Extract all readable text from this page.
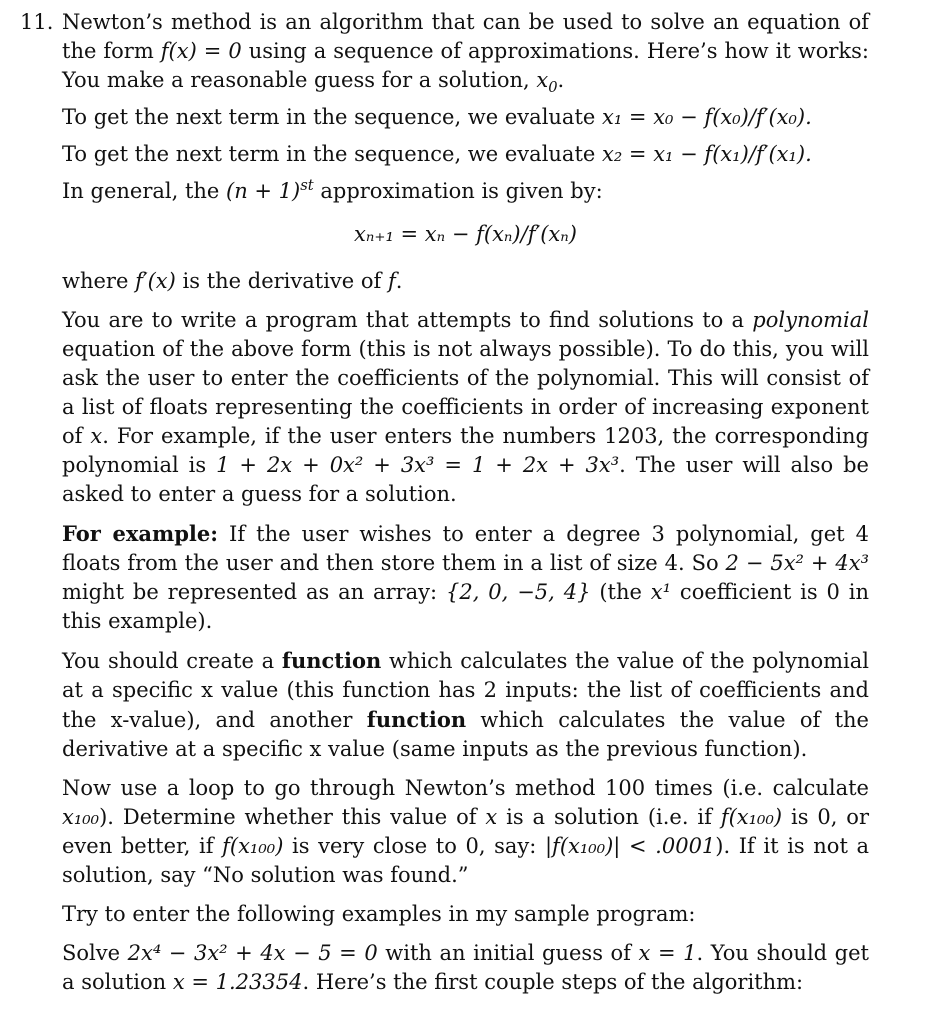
11. Newton’s method is an algorithm that can be used to solve an equation of the form f(x) = 0 using a sequence of approximations. Here’s how it works: You make a reasonable guess for a solution, $x_0$.

To get the next term in the sequence, we evaluate x₁ = x₀ − f(x₀)/f′(x₀).

To get the next term in the sequence, we evaluate x₂ = x₁ − f(x₁)/f′(x₁).

In general, the $(n + 1)^{st}$ approximation is given by:

xₙ₊₁ = xₙ − f(xₙ)/f′(xₙ)

where f′(x) is the derivative of f.

You are to write a program that attempts to find solutions to a polynomial equation of the above form (this is not always possible). To do this, you will ask the user to enter the coefficients of the polynomial. This will consist of a list of floats representing the coefficients in order of increasing exponent of x. For example, if the user enters the numbers 1203, the corresponding polynomial is 1 + 2x + 0x² + 3x³ = 1 + 2x + 3x³. The user will also be asked to enter a guess for a solution.

For example: If the user wishes to enter a degree 3 polynomial, get 4 floats from the user and then store them in a list of size 4. So 2 − 5x² + 4x³ might be represented as an array: {2, 0, −5, 4} (the x¹ coefficient is 0 in this example).

You should create a function which calculates the value of the polynomial at a specific x value (this function has 2 inputs: the list of coefficients and the x-value), and another function which calculates the value of the derivative at a specific x value (same inputs as the previous function).

Now use a loop to go through Newton’s method 100 times (i.e. calculate x₁₀₀). Determine whether this value of x is a solution (i.e. if f(x₁₀₀) is 0, or even better, if f(x₁₀₀) is very close to 0, say: |f(x₁₀₀)| < .0001). If it is not a solution, say “No solution was found.”

Try to enter the following examples in my sample program:

Solve 2x⁴ − 3x² + 4x − 5 = 0 with an initial guess of x = 1. You should get a solution x = 1.23354. Here’s the first couple steps of the algorithm:
